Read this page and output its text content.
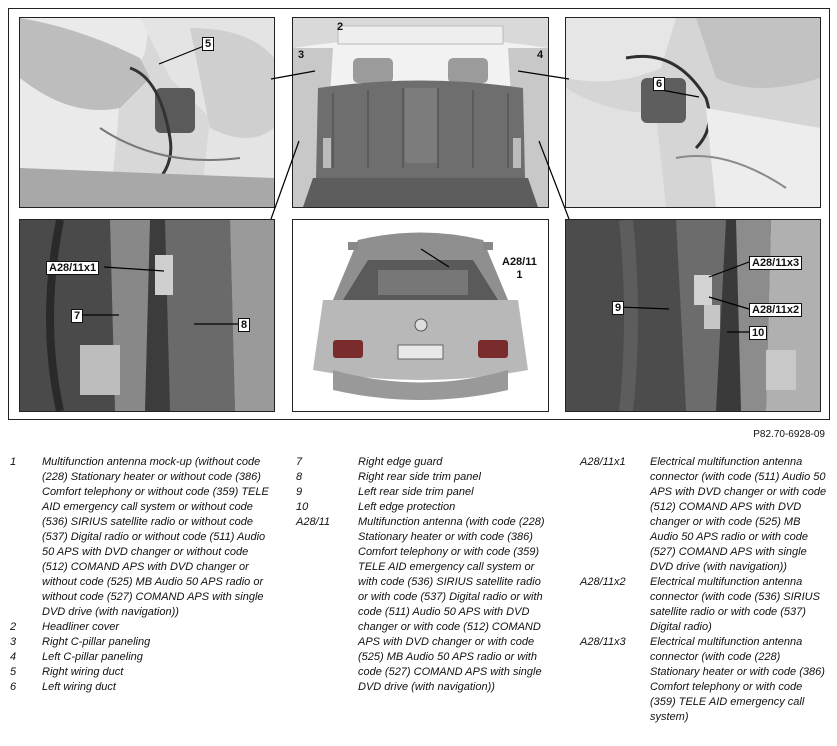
2
3	4
5
6
A28/11
1
A28/11x1
7
8
9
A28/11x3
A28/11x2
10
P82.70-6928-09
1 Multifunction antenna mock-up (without code (228) Stationary heater or without code (386) Comfort telephony or without code (359) TELE AID emergency call system or without code (536) SIRIUS satellite radio or without code (537) Digital radio or without code (511) Audio 50 APS with DVD changer or without code (512) COMAND APS with DVD changer or without code (525) MB Audio 50 APS radio or without code (527) COMAND APS with single DVD drive (with navigation))
2 Headliner cover
3 Right C-pillar paneling
4 Left C-pillar paneling
5 Right wiring duct
6 Left wiring duct
7	Right edge guard
8	Right rear side trim panel
9	Left rear side trim panel
10	Left edge protection
A28/11	Multifunction antenna (with code (228) Stationary heater or with code (386) Comfort telephony or with code (359) TELE AID emergency call system or with code (536) SIRIUS satellite radio or with code (537) Digital radio or with code (511) Audio 50 APS with DVD changer or with code (512) COMAND APS with DVD changer or with code (525) MB Audio 50 APS radio or with code (527) COMAND APS with single DVD drive (with navigation))
A28/11x1 Electrical multifunction antenna connector (with code (511) Audio 50 APS with DVD changer or with code (512) COMAND APS with DVD changer or with code (525) MB Audio 50 APS radio or with code (527) COMAND APS with single DVD drive (with navigation))
A28/11x2 Electrical multifunction antenna connector (with code (536) SIRIUS satellite radio or with code (537) Digital radio)
A28/11x3 Electrical multifunction antenna connector (with code (228) Stationary heater or with code (386) Comfort telephony or with code (359) TELE AID emergency call system)
